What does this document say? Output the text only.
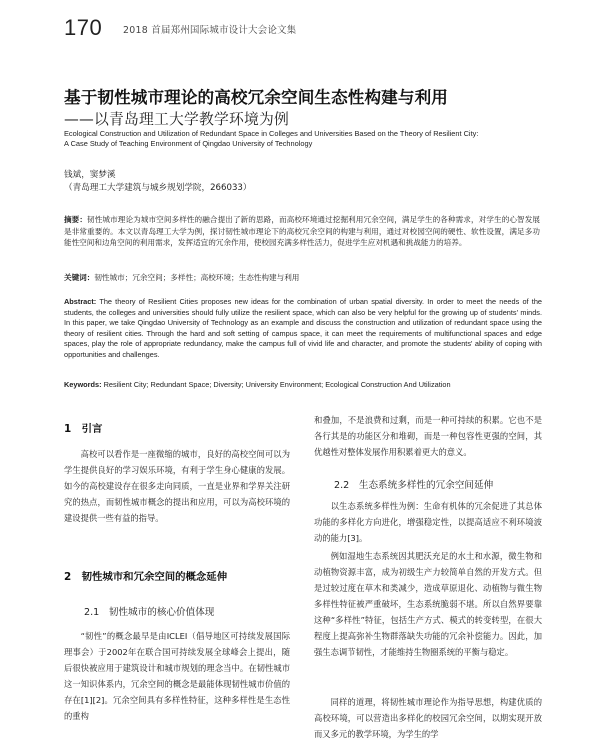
170 2018 首届郑州国际城市设计大会论文集
基于韧性城市理论的高校冗余空间生态性构建与利用
——以青岛理工大学教学环境为例
Ecological Construction and Utilization of Redundant Space in Colleges and Universities Based on the Theory of Resilient City:
A Case Study of Teaching Environment of Qingdao University of Technology
钱斌，窦梦溪
（青岛理工大学建筑与城乡规划学院，266033）
摘要：韧性城市理论为城市空间多样性的融合提出了新的思路，而高校环境通过挖掘利用冗余空间，满足学生的各种需求，对学生的心智发展是非常重要的。本文以青岛理工大学为例，探讨韧性城市理论下的高校冗余空间的构建与利用，通过对校园空间的硬性、软性设置，满足多功能性空间和边角空间的利用需求，发挥适宜的冗余作用，使校园充满多样性活力，促进学生应对机遇和挑战能力的培养。
关键词：韧性城市；冗余空间；多样性；高校环境；生态性构建与利用
Abstract: The theory of Resilient Cities proposes new ideas for the combination of urban spatial diversity. In order to meet the needs of the students, the colleges and universities should fully utilize the resilient space, which can also be very helpful for the growing up of students' minds. In this paper, we take Qingdao University of Technology as an example and discuss the construction and utilization of redundant space using the theory of resilient cities. Through the hard and soft setting of campus space, it can meet the requirements of multifunctional spaces and edge spaces, play the role of appropriate redundancy, make the campus full of vivid life and character, and promote the students' ability of coping with opportunities and challenges.
Keywords: Resilient City; Redundant Space; Diversity; University Environment; Ecological Construction And Utilization
1　引言
高校可以看作是一座微缩的城市，良好的高校空间可以为学生提供良好的学习娱乐环境，有利于学生身心健康的发展。如今的高校建设存在很多走向同质，一直是业界和学界关注研究的热点，而韧性城市概念的提出和应用，可以为高校环境的建设提供一些有益的指导。
2　韧性城市和冗余空间的概念延伸
2.1　韧性城市的核心价值体现
“韧性”的概念最早是由ICLEI（倡导地区可持续发展国际理事会）于2002年在联合国可持续发展全球峰会上提出，随后很快被应用于建筑设计和城市规划的理念当中。在韧性城市这一知识体系内，冗余空间的概念是最能体现韧性城市价值的存在[1][2]。冗余空间具有多样性特征，这种多样性是生态性的重构
和叠加，不是浪费和过剩，而是一种可持续的积累。它也不是各行其是的功能区分和堆砌，而是一种包容性更强的空间，其优越性对整体发展作用积累着更大的意义。
2.2　生态系统多样性的冗余空间延伸
以生态系统多样性为例：生命有机体的冗余促进了其总体功能的多样化方向进化，增强稳定性，以提高适应不利环境波动的能力[3]。
例如湿地生态系统因其肥沃充足的水土和水源，微生物和动植物资源丰富，成为初级生产力较简单自然的开发方式。但是过较过度在草木和类减少，造成草原退化、动植物与微生物多样性特征被严重破坏，生态系统脆弱不堪。所以自然界要靠这种“多样性”特征，包括生产方式、模式的转变转型，在很大程度上提高弥补生物群落缺失功能的冗余补偿能力。因此，加强生态调节韧性，才能维持生物圈系统的平衡与稳定。
同样的道理，将韧性城市理论作为指导思想，构建优质的高校环境，可以营造出多样化的校园冗余空间，以期实现开放而又多元的教学环境，为学生的学
